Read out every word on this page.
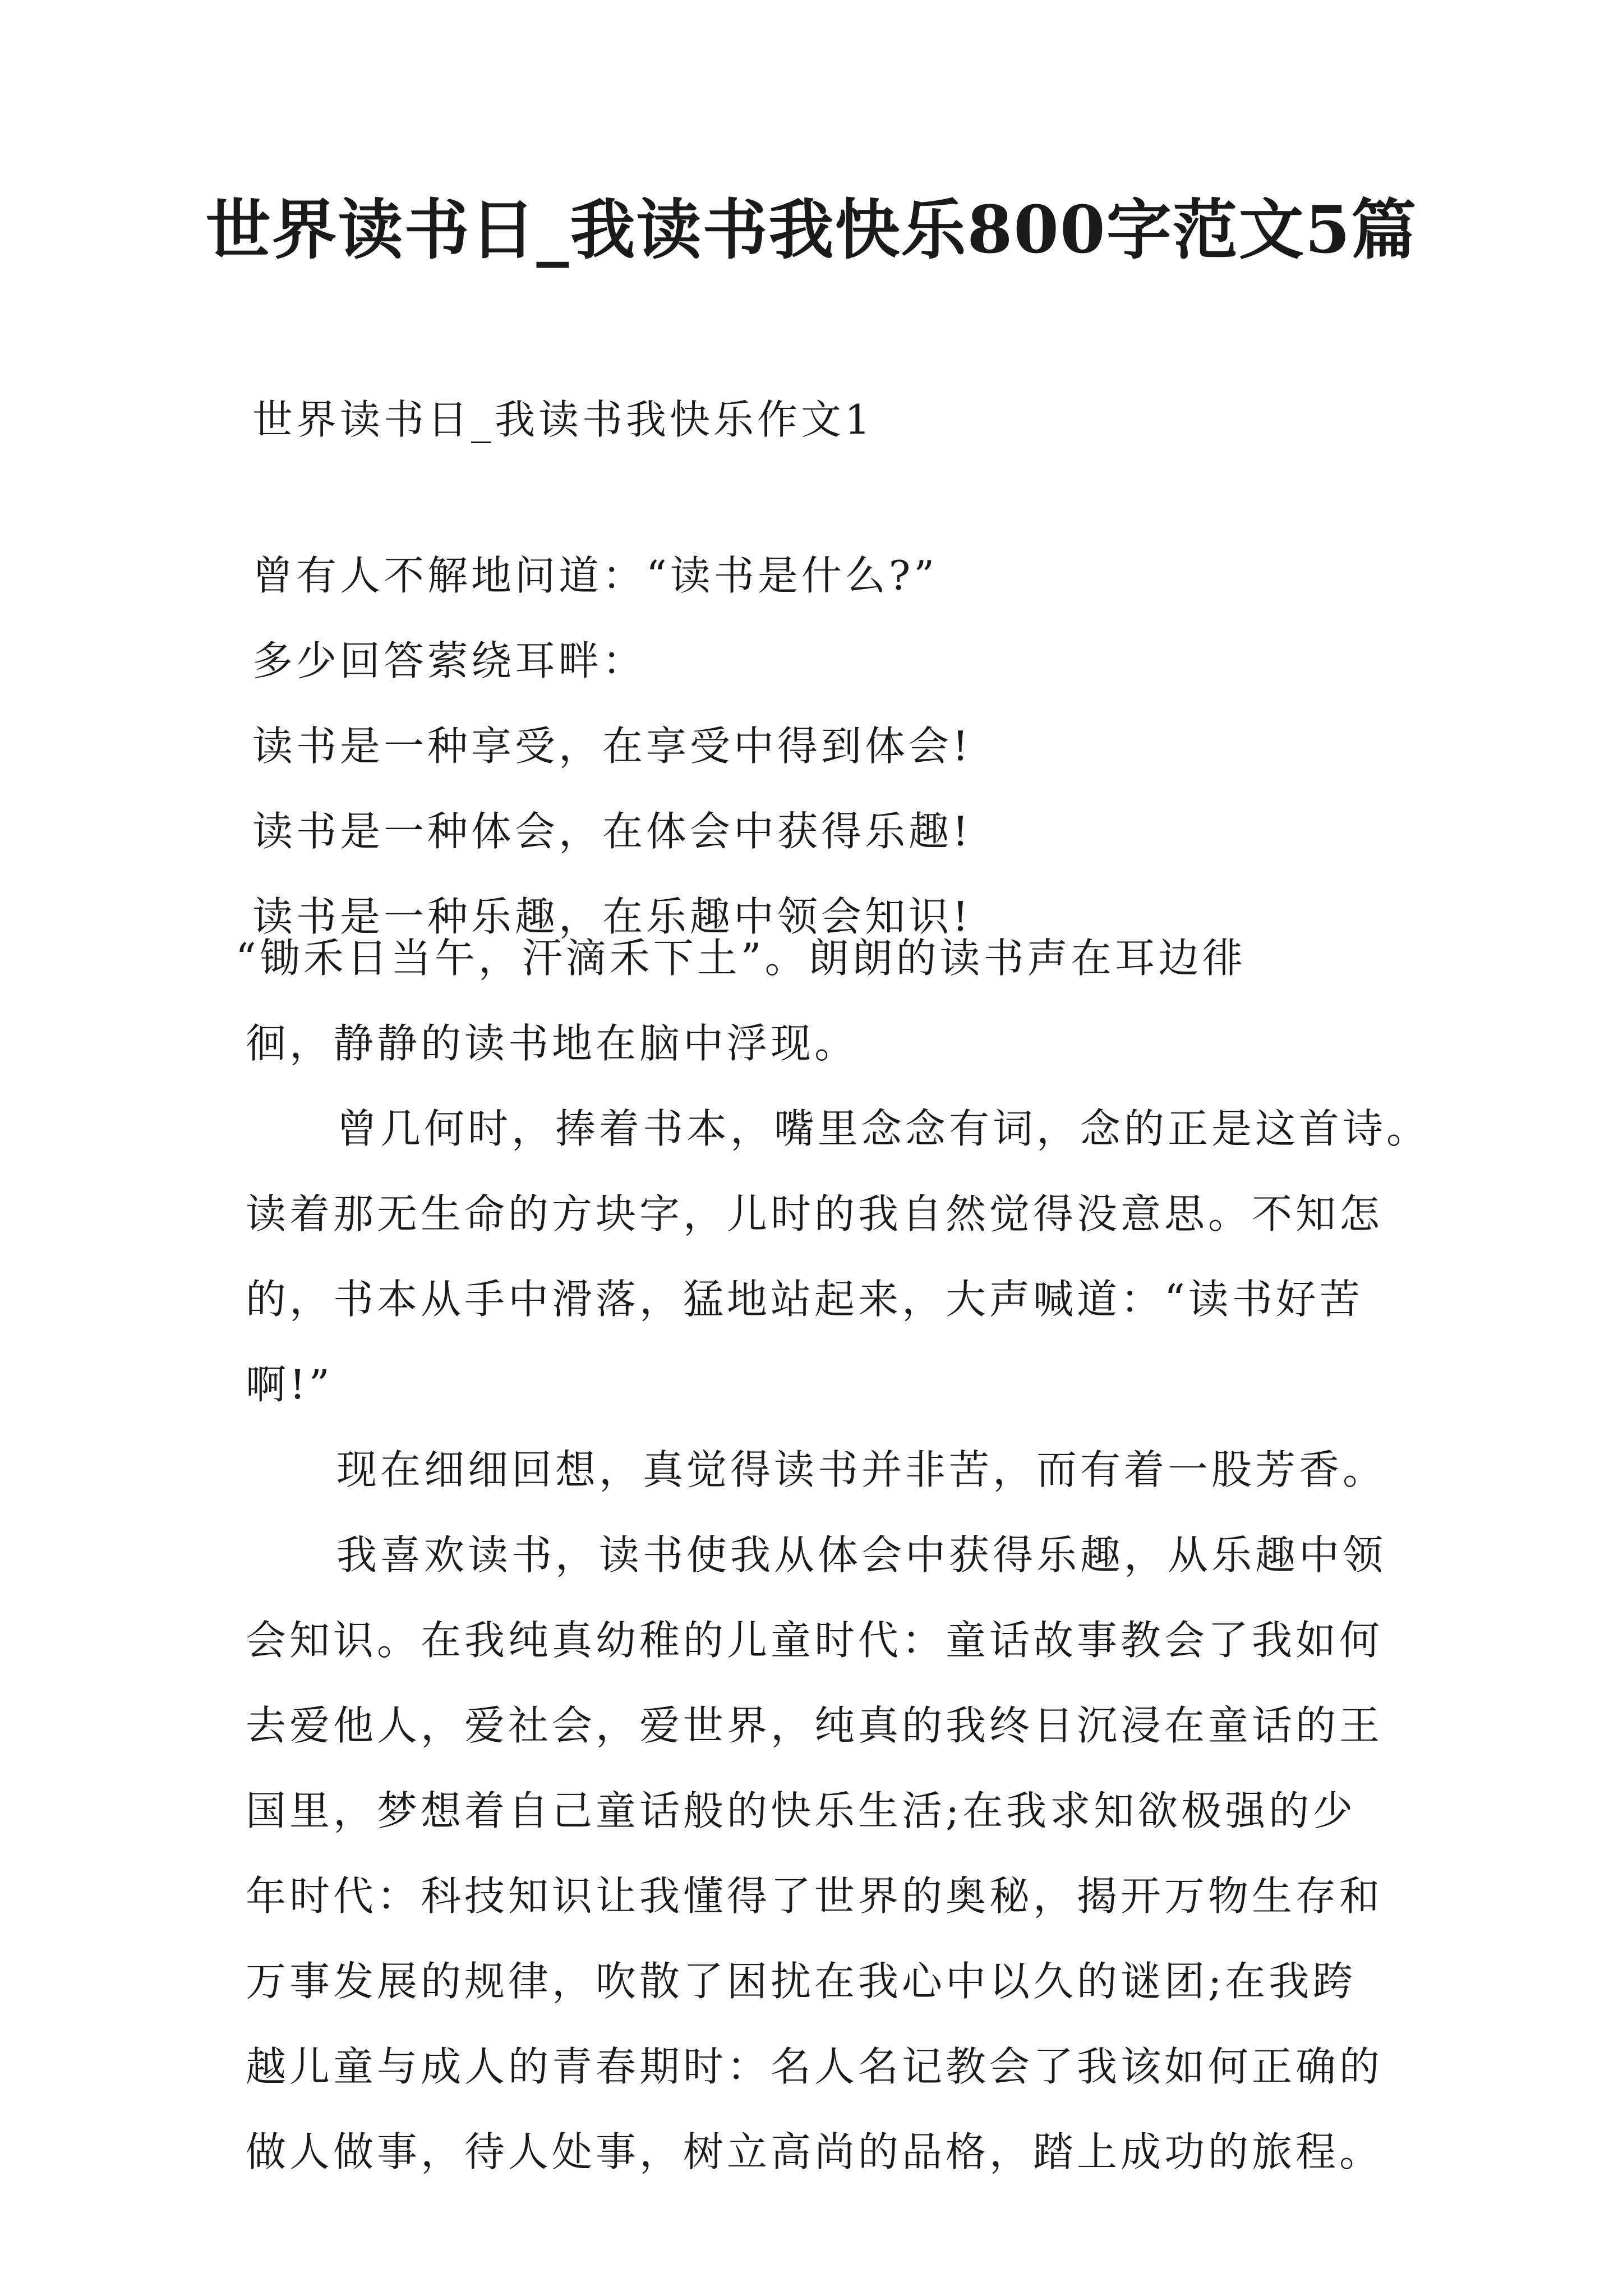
世界读书日_我读书我快乐800字范文5篇
世界读书日_我读书我快乐作文1
曾有人不解地问道：“读书是什么?”
多少回答萦绕耳畔：
读书是一种享受，在享受中得到体会!
读书是一种体会，在体会中获得乐趣!
读书是一种乐趣，在乐趣中领会知识!
“锄禾日当午，汗滴禾下土”。朗朗的读书声在耳边徘
徊，静静的读书地在脑中浮现。
曾几何时，捧着书本，嘴里念念有词，念的正是这首诗。
读着那无生命的方块字，儿时的我自然觉得没意思。不知怎
的，书本从手中滑落，猛地站起来，大声喊道：“读书好苦
啊!”
现在细细回想，真觉得读书并非苦，而有着一股芳香。
我喜欢读书，读书使我从体会中获得乐趣，从乐趣中领
会知识。在我纯真幼稚的儿童时代：童话故事教会了我如何
去爱他人，爱社会，爱世界，纯真的我终日沉浸在童话的王
国里，梦想着自己童话般的快乐生活;在我求知欲极强的少
年时代：科技知识让我懂得了世界的奥秘，揭开万物生存和
万事发展的规律，吹散了困扰在我心中以久的谜团;在我跨
越儿童与成人的青春期时：名人名记教会了我该如何正确的
做人做事，待人处事，树立高尚的品格，踏上成功的旅程。
